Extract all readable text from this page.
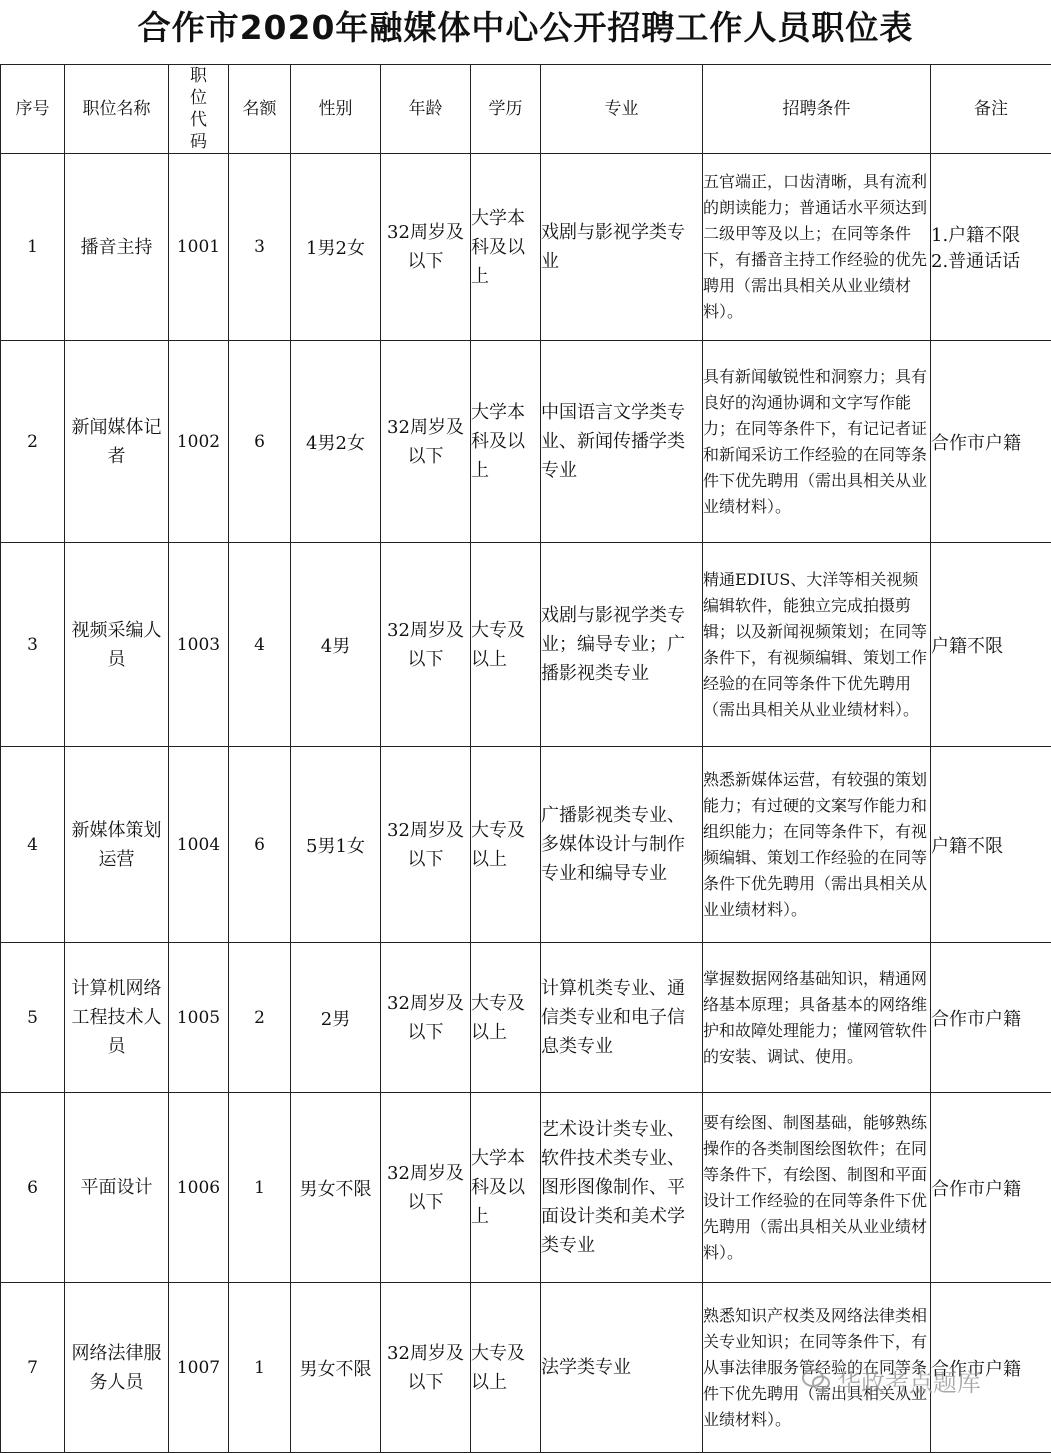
合作市2020年融媒体中心公开招聘工作人员职位表
序号	职位名称	职位代码	名额	性别	年龄	学历	专业	招聘条件	备注
1	播音主持	1001	3	1男2女	32周岁及以下	大学本科及以上	戏剧与影视学类专业	五官端正，口齿清晰，具有流利的朗读能力；普通话水平须达到二级甲等及以上；在同等条件下，有播音主持工作经验的优先聘用（需出具相关从业业绩材料）。	1.户籍不限
2.普通话话

2	新闻媒体记者	1002	6	4男2女	32周岁及以下	大学本科及以上	中国语言文学类专业、新闻传播学类专业	具有新闻敏锐性和洞察力；具有良好的沟通协调和文字写作能力；在同等条件下，有记记者证和新闻采访工作经验的在同等条件下优先聘用（需出具相关从业业绩材料）。	合作市户籍
3	视频采编人员	1003	4	4男	32周岁及以下	大专及以上	戏剧与影视学类专业；编导专业；广播影视类专业	精通EDIUS、大洋等相关视频编辑软件，能独立完成拍摄剪辑；以及新闻视频策划；在同等条件下，有视频编辑、策划工作经验的在同等条件下优先聘用（需出具相关从业业绩材料）。	户籍不限
4	新媒体策划运营	1004	6	5男1女	32周岁及以下	大专及以上	广播影视类专业、多媒体设计与制作专业和编导专业	熟悉新媒体运营，有较强的策划能力；有过硬的文案写作能力和组织能力；在同等条件下，有视频编辑、策划工作经验的在同等条件下优先聘用（需出具相关从业业绩材料）。	户籍不限
5	计算机网络工程技术人员	1005	2	2男	32周岁及以下	大专及以上	计算机类专业、通信类专业和电子信息类专业	掌握数据网络基础知识，精通网络基本原理；具备基本的网络维护和故障处理能力；懂网管软件的安装、调试、使用。	合作市户籍
6	平面设计	1006	1	男女不限	32周岁及以下	大学本科及以上	艺术设计类专业、软件技术类专业、图形图像制作、平面设计类和美术学类专业	要有绘图、制图基础，能够熟练操作的各类制图绘图软件；在同等条件下，有绘图、制图和平面设计工作经验的在同等条件下优先聘用（需出具相关从业业绩材料）。	合作市户籍
7	网络法律服务人员	1007	1	男女不限	32周岁及以下	大专及以上	法学类专业	熟悉知识产权类及网络法律类相关专业知识；在同等条件下，有从事法律服务管经验的在同等条件下优先聘用（需出具相关从业业绩材料）。	合作市户籍
华政考点题库
